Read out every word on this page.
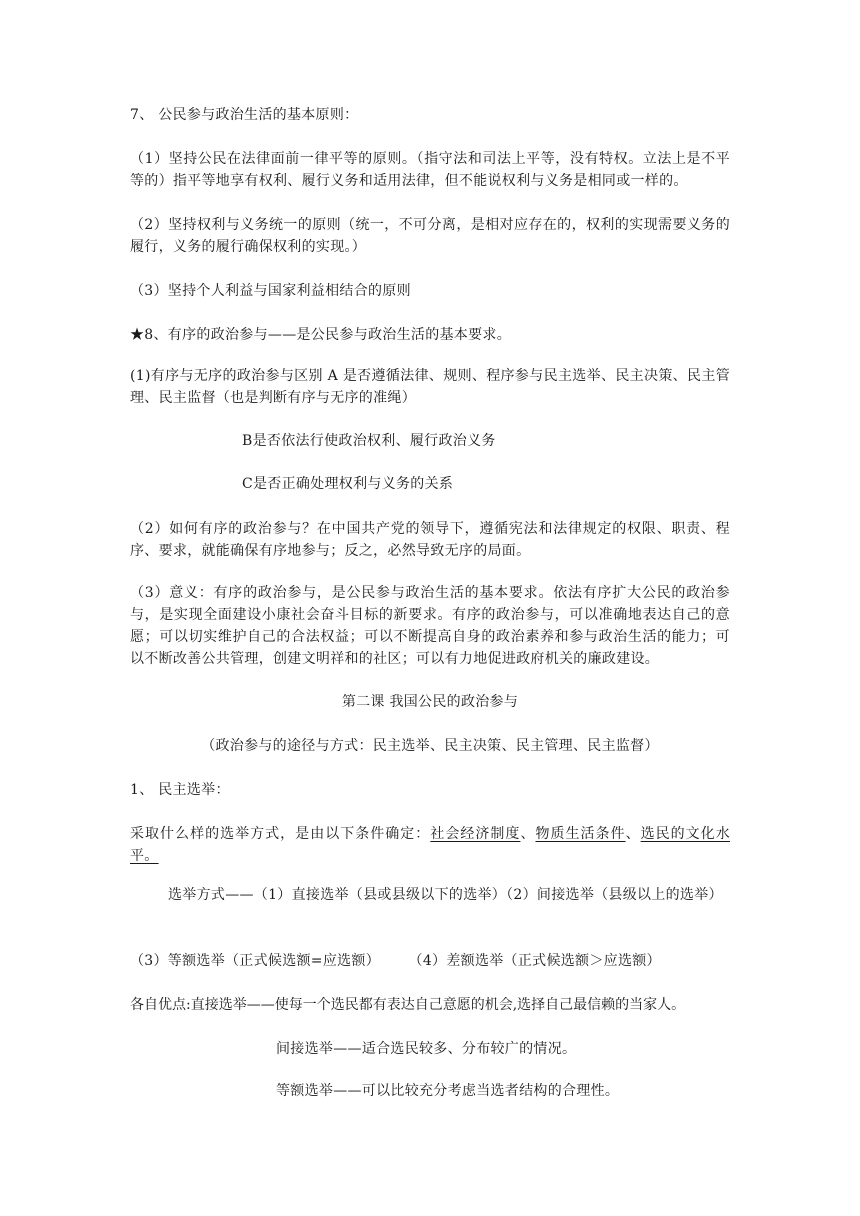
7、 公民参与政治生活的基本原则：
（1）坚持公民在法律面前一律平等的原则。（指守法和司法上平等，没有特权。立法上是不平等的）指平等地享有权利、履行义务和适用法律，但不能说权利与义务是相同或一样的。
（2）坚持权利与义务统一的原则（统一，不可分离，是相对应存在的，权利的实现需要义务的履行，义务的履行确保权利的实现。）
（3）坚持个人利益与国家利益相结合的原则
★8、有序的政治参与——是公民参与政治生活的基本要求。
(1)有序与无序的政治参与区别 A 是否遵循法律、规则、程序参与民主选举、民主决策、民主管理、民主监督（也是判断有序与无序的准绳）
B是否依法行使政治权利、履行政治义务
C是否正确处理权利与义务的关系
（2）如何有序的政治参与？在中国共产党的领导下，遵循宪法和法律规定的权限、职责、程序、要求，就能确保有序地参与；反之，必然导致无序的局面。
（3）意义：有序的政治参与，是公民参与政治生活的基本要求。依法有序扩大公民的政治参与，是实现全面建设小康社会奋斗目标的新要求。有序的政治参与，可以准确地表达自己的意愿；可以切实维护自己的合法权益；可以不断提高自身的政治素养和参与政治生活的能力；可以不断改善公共管理，创建文明祥和的社区；可以有力地促进政府机关的廉政建设。
第二课 我国公民的政治参与
（政治参与的途径与方式：民主选举、民主决策、民主管理、民主监督）
1、 民主选举：
采取什么样的选举方式，是由以下条件确定：社会经济制度、物质生活条件、选民的文化水平。
选举方式——（1）直接选举（县或县级以下的选举）（2）间接选举（县级以上的选举）
（3）等额选举（正式候选额=应选额）      （4）差额选举（正式候选额＞应选额）
各自优点:直接选举——使每一个选民都有表达自己意愿的机会,选择自己最信赖的当家人。
间接选举——适合选民较多、分布较广的情况。
等额选举——可以比较充分考虑当选者结构的合理性。
